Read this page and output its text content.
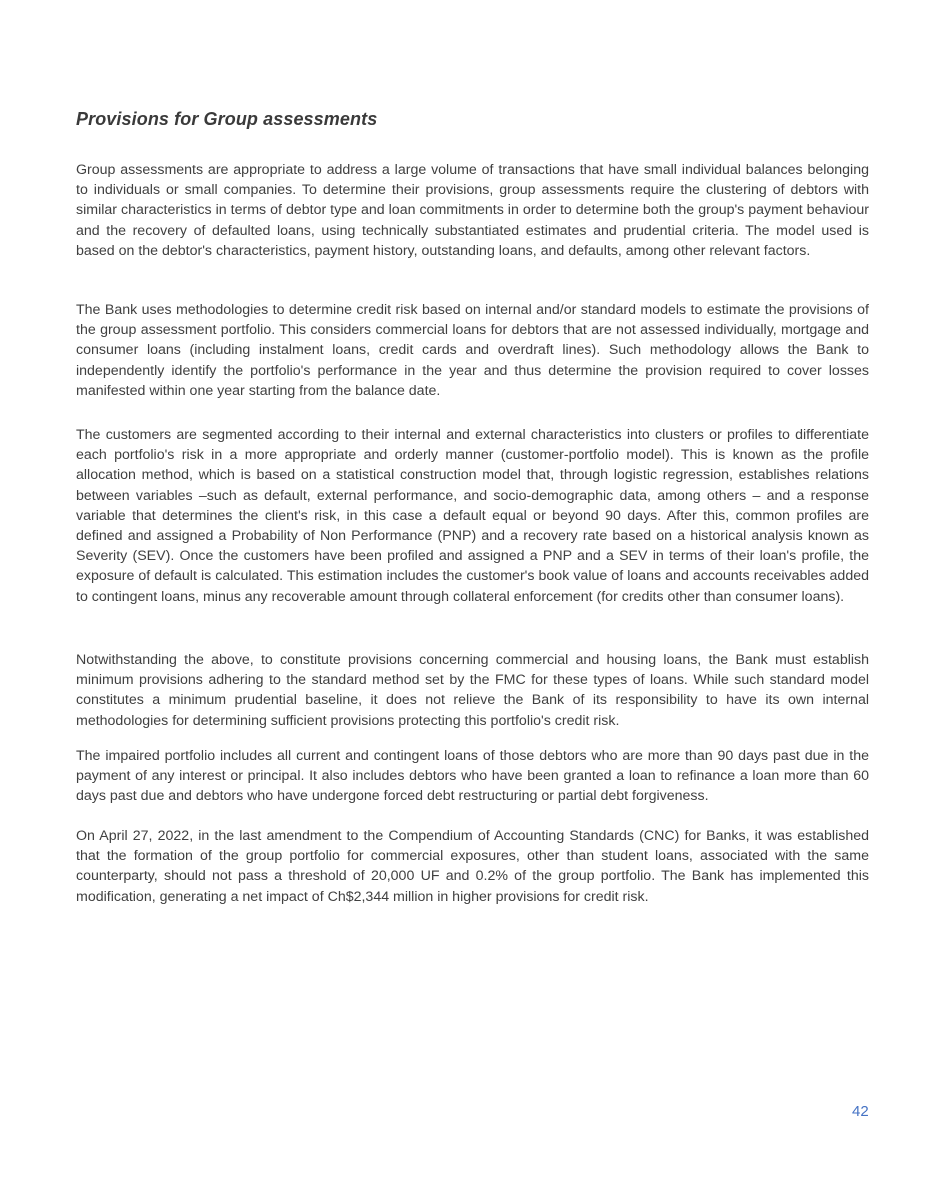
Provisions for Group assessments

Group assessments are appropriate to address a large volume of transactions that have small individual balances belonging to individuals or small companies. To determine their provisions, group assessments require the clustering of debtors with similar characteristics in terms of debtor type and loan commitments in order to determine both the group's payment behaviour and the recovery of defaulted loans, using technically substantiated estimates and prudential criteria. The model used is based on the debtor's characteristics, payment history, outstanding loans, and defaults, among other relevant factors.

The Bank uses methodologies to determine credit risk based on internal and/or standard models to estimate the provisions of the group assessment portfolio. This considers commercial loans for debtors that are not assessed individually, mortgage and consumer loans (including instalment loans, credit cards and overdraft lines). Such methodology allows the Bank to independently identify the portfolio's performance in the year and thus determine the provision required to cover losses manifested within one year starting from the balance date.

The customers are segmented according to their internal and external characteristics into clusters or profiles to differentiate each portfolio's risk in a more appropriate and orderly manner (customer-portfolio model). This is known as the profile allocation method, which is based on a statistical construction model that, through logistic regression, establishes relations between variables –such as default, external performance, and socio-demographic data, among others – and a response variable that determines the client's risk, in this case a default equal or beyond 90 days. After this, common profiles are defined and assigned a Probability of Non Performance (PNP) and a recovery rate based on a historical analysis known as Severity (SEV). Once the customers have been profiled and assigned a PNP and a SEV in terms of their loan's profile, the exposure of default is calculated. This estimation includes the customer's book value of loans and accounts receivables added to contingent loans, minus any recoverable amount through collateral enforcement (for credits other than consumer loans).

Notwithstanding the above, to constitute provisions concerning commercial and housing loans, the Bank must establish minimum provisions adhering to the standard method set by the FMC for these types of loans. While such standard model constitutes a minimum prudential baseline, it does not relieve the Bank of its responsibility to have its own internal methodologies for determining sufficient provisions protecting this portfolio's credit risk.

The impaired portfolio includes all current and contingent loans of those debtors who are more than 90 days past due in the payment of any interest or principal. It also includes debtors who have been granted a loan to refinance a loan more than 60 days past due and debtors who have undergone forced debt restructuring or partial debt forgiveness.

On April 27, 2022, in the last amendment to the Compendium of Accounting Standards (CNC) for Banks, it was established that the formation of the group portfolio for commercial exposures, other than student loans, associated with the same counterparty, should not pass a threshold of 20,000 UF and 0.2% of the group portfolio. The Bank has implemented this modification, generating a net impact of Ch$2,344 million in higher provisions for credit risk.

42
